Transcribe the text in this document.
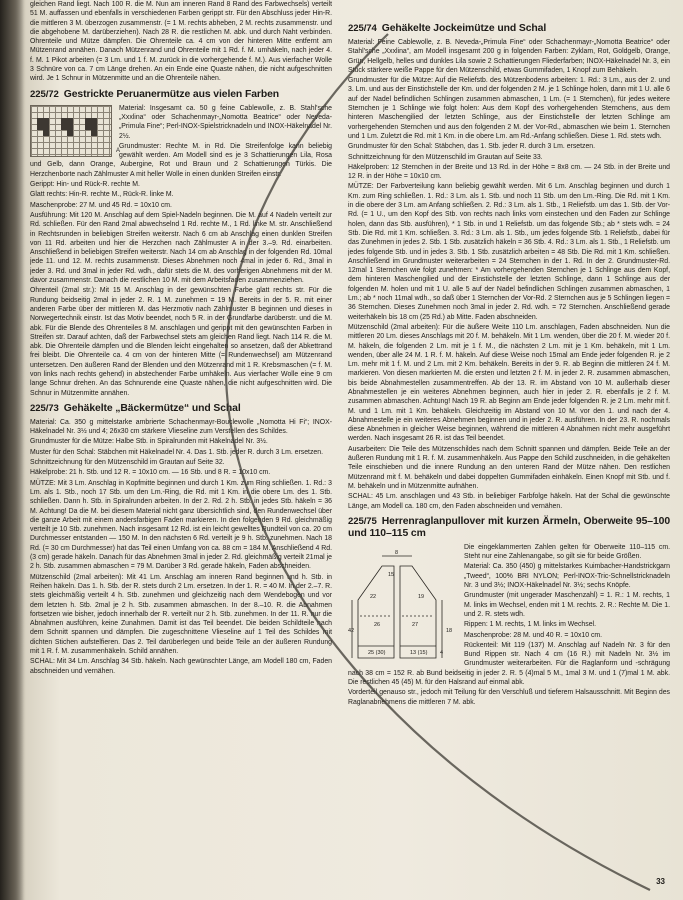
gleichen Rand liegt. Nach 100 R. die M. Nun am inneren Rand 8 Rand des Farbwechsels) verteilt 51 M. auffassen und ebenfalls in verschiedenen Farben gerippt str. Für den Abschluss jeder Hin-R. die mittleren 3 M. überzogen zusammenstr. (= 1 M. rechts abheben, 2 M. rechts zusammenstr. und die abgehobene M. darüberziehen). Nach 28 R. die restlichen M. abk. und durch Naht verbinden. Ohrenteile und Mütze dämpfen. Die Ohrenteile ca. 4 cm von der hinteren Mitte entfernt am Mützenrand annähen. Danach Mützenrand und Ohrenteile mit 1 Rd. f. M. umhäkeln, nach jeder 4. f. M. 1 Pikot arbeiten (= 3 Lm. und 1 f. M. zurück in die vorhergehende f. M.). Aus vierfacher Wolle 3 Schnüre von ca. 7 cm Länge drehen. An ein Ende eine Quaste nähen, die nicht aufgeschnitten wird. Je 1 Schnur in Mützenmitte und an die Ohrenteile nähen.

225/72 Gestrickte Peruanermütze aus vielen Farben
A

Material: Insgesamt ca. 50 g feine Cablewolle, z. B. Stahl'sche „Xxxlina“ oder Schachenmayr-„Nomotta Beatrice“ oder Neveda-„Primula Fine“; Perl-INOX-Spielstricknadeln und INOX-Häkelnadel Nr. 2½.

Grundmuster: Rechte M. in Rd. Die Streifenfolge kann beliebig gewählt werden. Am Modell sind es je 3 Schattierungen Lila, Rosa und Gelb, dann Orange, Aubergine, Rot und Braun und 2 Schattierungen Türkis. Die Herzchenborte nach Zählmuster A mit heller Wolle in einen dunklen Streifen einstr.

Gerippt: Hin- und Rück-R. rechte M.

Glatt rechts: Hin-R. rechte M., Rück-R. linke M.

Maschenprobe: 27 M. und 45 Rd. = 10x10 cm.

Ausführung: Mit 120 M. Anschlag auf dem Spiel-Nadeln beginnen. Die M. auf 4 Nadeln verteilt zur Rd. schließen. Für den Rand 2mal abwechselnd 1 Rd. rechte M., 1 Rd. linke M. str. Anschließend in Rechtsrunden in beliebigen Streifen weiterstr. Nach 6 cm ab Anschlag einen dunklen Streifen von 11 Rd. arbeiten und hier die Herzchen nach Zählmuster A in der 3.–9. Rd. einarbeiten. Anschließend in beliebigen Streifen weiterstr. Nach 14 cm ab Anschlag in der folgenden Rd. 10mal jede 11. und 12. M. rechts zusammenstr. Dieses Abnehmen noch 4mal in jeder 6. Rd., 3mal in jeder 3. Rd. und 3mal in jeder Rd. wdh., dafür stets die M. des vorherigen Abnehmens mit der M. davor zusammenstr. Danach die restlichen 10 M. mit dem Arbeitsfaden zusammenziehen.

Ohrenteil (2mal str.): Mit 15 M. Anschlag in der gewünschten Farbe glatt rechts str. Für die Rundung beidseitig 2mal in jeder 2. R. 1 M. zunehmen = 19 M. Bereits in der 5. R. mit einer anderen Farbe über der mittleren M. das Herzmotiv nach Zählmuster B beginnen und dieses in Norwegertechnik einstr. Ist das Motiv beendet, noch 5 R. in der Grundfarbe darüberstr. und die M. abk. Für die Blende des Ohrenteiles 8 M. anschlagen und gerippt mit den gewünschten Farben in Streifen str. Darauf achten, daß der Farbwechsel stets am gleichen Rand liegt. Nach 114 R. die M. abk. Die Ohrenteile dämpfen und die Blenden leicht eingehalten so ansetzen, daß der Abkettrand frei bleibt. Die Ohrenteile ca. 4 cm von der hinteren Mitte (= Rundenwechsel) am Mützenrand untersetzen. Den äußeren Rand der Blenden und den Mützenrand mit 1 R. Krebsmaschen (= f. M. von links nach rechts gehend) in abstechender Farbe umhäkeln. Aus vierfacher Wolle eine 9 cm lange Schnur drehen. An das Schnurende eine Quaste nähen, die nicht aufgeschnitten wird. Die Schnur in Mützenmitte annähen.

225/73 Gehäkelte „Bäckermütze“ und Schal

Material: Ca. 350 g mittelstarke ambrierte Schachenmayr-Bouclewolle „Nomotta Hi Fi“; INOX-Häkelnadel Nr. 3½ und 4; 26x30 cm stärkere Vlieseline zum Verstellen des Schildes.

Grundmuster für die Mütze: Halbe Stb. in Spiralrunden mit Häkelnadel Nr. 3½.

Muster für den Schal: Stäbchen mit Häkelnadel Nr. 4. Das 1. Stb. jeder R. durch 3 Lm. ersetzen.

Schnittzeichnung für den Mützenschild im Grautan auf Seite 32.

Häkelprobe: 21 h. Stb. und 12 R. = 10x10 cm. — 16 Stb. und 8 R. = 10x10 cm.

MÜTZE: Mit 3 Lm. Anschlag in Kopfmitte beginnen und durch 1 Km. zum Ring schließen. 1. Rd.: 3 Lm. als 1. Stb., noch 17 Stb. um den Lm.-Ring, die Rd. mit 1 Km. in die obere Lm. des 1. Stb. schließen. Dann h. Stb. in Spiralrunden arbeiten. In der 2. Rd. 2 h. Stb. in jedes Stb. häkeln = 36 M. Achtung! Da die M. bei diesem Material nicht ganz übersichtlich sind, den Rundenwechsel über die ganze Arbeit mit einem andersfarbigen Faden markieren. In den folgenden 9 Rd. gleichmäßig verteilt je 10 Stb. zunehmen. Nach insgesamt 12 Rd. ist ein leicht gewelltes Rundteil von ca. 20 cm Durchmesser entstanden — 150 M. In den nächsten 6 Rd. verteilt je 9 h. Stb. zunehmen. Nach 18 Rd. (= 30 cm Durchmesser) hat das Teil einen Umfang von ca. 88 cm = 184 M. Anschließend 4 Rd. (3 cm) gerade häkeln. Danach für das Abnehmen 3mal in jeder 2. Rd. gleichmäßig verteilt 21mal je 2 h. Stb. zusammen abmaschen = 79 M. Darüber 3 Rd. gerade häkeln, Faden abschneiden.

Mützenschild (2mal arbeiten): Mit 41 Lm. Anschlag am inneren Rand beginnen und h. Stb. in Reihen häkeln. Das 1. h. Stb. der R. stets durch 2 Lm. ersetzen. In der 1. R. = 40 M. In der 2.–7. R. stets gleichmäßig verteilt 4 h. Stb. zunehmen und gleichzeitig nach dem Wendebogen und vor dem letzten h. Stb. 2mal je 2 h. Stb. zusammen abmaschen. In der 8.–10. R. die Abnahmen fortsetzen wie bisher, jedoch innerhalb der R. verteilt nur 2 h. Stb. zunehmen. In der 11. R. nur die Abnahmen ausführen, keine Zunahmen. Damit ist das Teil beendet. Die beiden Schildteile nach dem Schnitt spannen und dämpfen. Die zugeschnittene Vlieseline auf 1 Teil des Schildes mit dichten Stichen aufstelfieren. Das 2. Teil darüberlegen und beide Teile an der äußeren Rundung mit 1 R. f. M. zusammenhäkeln. Schild annähen.

SCHAL: Mit 34 Lm. Anschlag 34 Stb. häkeln. Nach gewünschter Länge, am Modell 180 cm, Faden abschneiden und vernähen.

225/74 Gehäkelte Jockeimütze und Schal

Material: Feine Cablewolle, z. B. Neveda-„Primula Fine“ oder Schachenmayr-„Nomotta Beatrice“ oder Stahl'sche „Xxxlina“, am Modell insgesamt 200 g in folgenden Farben: Zyklam, Rot, Goldgelb, Orange, Grün, Hellgelb, helles und dunkles Lila sowie 2 Schattierungen Fliederfarben; INOX-Häkelnadel Nr. 3, ein Stück stärkere weiße Pappe für den Mützenschild, etwas Gummifaden, 1 Knopf zum Behäkeln.

Grundmuster für die Mütze: Auf die Reliefstb. des Mützenbodens arbeiten: 1. Rd.: 3 Lm., aus der 2. und 3. Lm. und aus der Einstichstelle der Km. und der folgenden 2 M. je 1 Schlinge holen, dann mit 1 U. alle 6 auf der Nadel befindlichen Schlingen zusammen abmaschen, 1 Lm. (= 1 Sternchen), für jedes weitere Sternchen je 1 Schlinge wie folgt holen: Aus dem Kopf des vorhergehenden Sternchens, aus dem hinteren Maschengilied der letzten Schlinge, aus der Einstichstelle der letzten Schlinge am vorhergehenden Sternchen und aus den folgenden 2 M. der Vor-Rd., abmaschen wie beim 1. Sternchen und 1 Lm. Zuletzt die Rd. mit 1 Km. in die obere Lm. am Rd.-Anfang schließen. Diese 1. Rd. stets wdh.

Grundmuster für den Schal: Stäbchen, das 1. Stb. jeder R. durch 3 Lm. ersetzen.

Schnittzeichnung für den Mützenschild im Grautan auf Seite 33.

Häkelproben: 12 Sternchen in der Breite und 13 Rd. in der Höhe = 8x8 cm. — 24 Stb. in der Breite und 12 R. in der Höhe = 10x10 cm.

MÜTZE: Der Farbverteilung kann beliebig gewählt werden. Mit 6 Lm. Anschlag beginnen und durch 1 Km. zum Ring schließen. 1. Rd.: 3 Lm. als 1. Stb. und noch 11 Stb. um den Lm.-Ring. Die Rd. mit 1 Km. in die obere der 3 Lm. am Anfang schließen. 2. Rd.: 3 Lm. als 1. Stb., 1 Reliefstb. um das 1. Stb. der Vor-Rd. (= 1 U., um den Kopf des Stb. von rechts nach links vorn einstechen und den Faden zur Schlinge holen, dann das Stb. ausführen), * 1 Stb. in und 1 Reliefstb. um das folgende Stb.; ab * stets wdh. = 24 Stb. Die Rd. mit 1 Km. schließen. 3. Rd.: 3 Lm. als 1. Stb., um jedes folgende Stb. 1 Reliefstb., dabei für das Zunehmen in jedes 2. Stb. 1 Stb. zusätzlich häkeln = 36 Stb. 4. Rd.: 3 Lm. als 1. Stb., 1 Reliefstb. um jedes folgende Stb. und in jedes 3. Stb. 1 Stb. zusätzlich arbeiten = 48 Stb. Die Rd. mit 1 Km. schließen. Anschließend im Grundmuster weiterarbeiten = 24 Sternchen in der 1. Rd. In der 2. Grundmuster-Rd. 12mal 1 Sternchen wie folgt zunehmen: * Am vorhergehenden Sternchen je 1 Schlinge aus dem Kopf, dem hinteren Maschengilied und der Einstichstelle der letzten Schlinge, dann 1 Schlinge aus der folgenden M. holen und mit 1 U. alle 5 auf der Nadel befindlichen Schlingen zusammen abmaschen, 1 Lm.; ab * noch 11mal wdh., so daß über 1 Sternchen der Vor-Rd. 2 Sternchen aus je 5 Schlingen liegen = 36 Sternchen. Dieses Zunehmen noch 3mal in jeder 2. Rd. wdh. = 72 Sternchen. Anschließend gerade weiterhäkeln bis 18 cm (25 Rd.) ab Mitte. Faden abschneiden.

Mützenschild (2mal arbeiten): Für die äußere Weite 110 Lm. anschlagen, Faden abschneiden. Nun die mittleren 20 Lm. dieses Anschlags mit 20 f. M. behäkeln. Mit 1 Lm. wenden, über die 20 f. M. wieder 20 f. M. häkeln, die folgenden 2 Lm. mit je 1 f. M., die nächsten 2 Lm. mit je 1 Km. behäkeln, mit 1 Lm. wenden, über alle 24 M. 1 R. f. M. häkeln. Auf diese Weise noch 15mal am Ende jeder folgenden R. je 2 Lm. mehr mit 1 f. M. und 2 Lm. mit 2 Km. behäkeln. Bereits in der 9. R. ab Beginn die mittleren 24 f. M. markieren. Von diesen markierten M. die ersten und letzten 2 f. M. in jeder 2. R. zusammen abmaschen, bis beide Abnahmestellen zusammentreffen. Ab der 13. R. im Abstand von 10 M. außerhalb dieser Abnahmestellen je ein weiteres Abnehmen beginnen, auch hier in jeder 2. R. ebenfalls je 2 f. M. zusammen abmaschen. Achtung! Nach 19 R. ab Beginn am Ende jeder folgenden R. je 2 Lm. mehr mit f. M. und 1 Lm. mit 1 Km. behäkeln. Gleichzeitig im Abstand von 10 M. vor den 1. und nach der 4. Abnahmestelle je ein weiteres Abnehmen beginnen und in jeder 2. R. ausführen. In der 23. R. nochmals diese Abnehmen in gleicher Weise beginnen, während die mittleren 4 Abnahmen nicht mehr ausgeführt werden. Nach insgesamt 26 R. ist das Teil beendet.

Ausarbeiten: Die Teile des Mützenschildes nach dem Schnitt spannen und dämpfen. Beide Teile an der äußeren Rundung mit 1 R. f. M. zusammenhäkeln. Aus Pappe den Schild zuschneiden, in die gehäkelten Teile einschieben und die innere Rundung an den unteren Rand der Mütze nähen. Den restlichen Mützenrand mit f. M. behäkeln und dabei doppelten Gummifaden einhäkeln. Einen Knopf mit Stb. und f. M. behäkeln und in Mützenmitte aufnähen.

SCHAL: 45 Lm. anschlagen und 43 Stb. in beliebiger Farbfolge häkeln. Hat der Schal die gewünschte Länge, am Modell ca. 180 cm, den Faden abschneiden und vernähen.

225/75 Herrenraglanpullover mit kurzen Ärmeln, Oberweite 95–100 und 110–115 cm
8
22	19
18
25 (30)	13 (15)
15
42
26	27
4

Die eingeklammerten Zahlen gelten für Oberweite 110–115 cm. Steht nur eine Zahlenangabe, so gilt sie für beide Größen.

Material: Ca. 350 (450) g mittelstarkes Kuimbacher-Handstrickgarn „Tweed“, 100% BRI NYLON; Perl-INOX-Tric-Schnellstricknadeln Nr. 3 und 3½; INOX-Häkelnadel Nr. 3½; sechs Knöpfe.

Grundmuster (mit ungerader Maschenzahl) = 1. R.: 1 M. rechts, 1 M. links im Wechsel, enden mit 1 M. rechts. 2. R.: Rechte M. Die 1. und 2. R. stets wdh.

Rippen: 1 M. rechts, 1 M. links im Wechsel.

Maschenprobe: 28 M. und 40 R. = 10x10 cm.

Rückenteil: Mit 119 (137) M. Anschlag auf Nadeln Nr. 3 für den Bund Rippen str. Nach 4 cm (16 R.) mit Nadeln Nr. 3½ im Grundmuster weiterarbeiten. Für die Raglanform und -schrägung nach 38 cm = 152 R. ab Bund beidseitig in jeder 2. R. 5 (4)mal 5 M., 1mal 3 M. und 1 (7)mal 1 M. abk. Die restlichen 45 (45) M. für den Halsrand auf einmal abk.

Vorderteil genauso str., jedoch mit Teilung für den Verschluß und tieferem Halsausschnitt. Mit Beginn des Raglanabnehmens die mittleren 7 M. abk.

33
